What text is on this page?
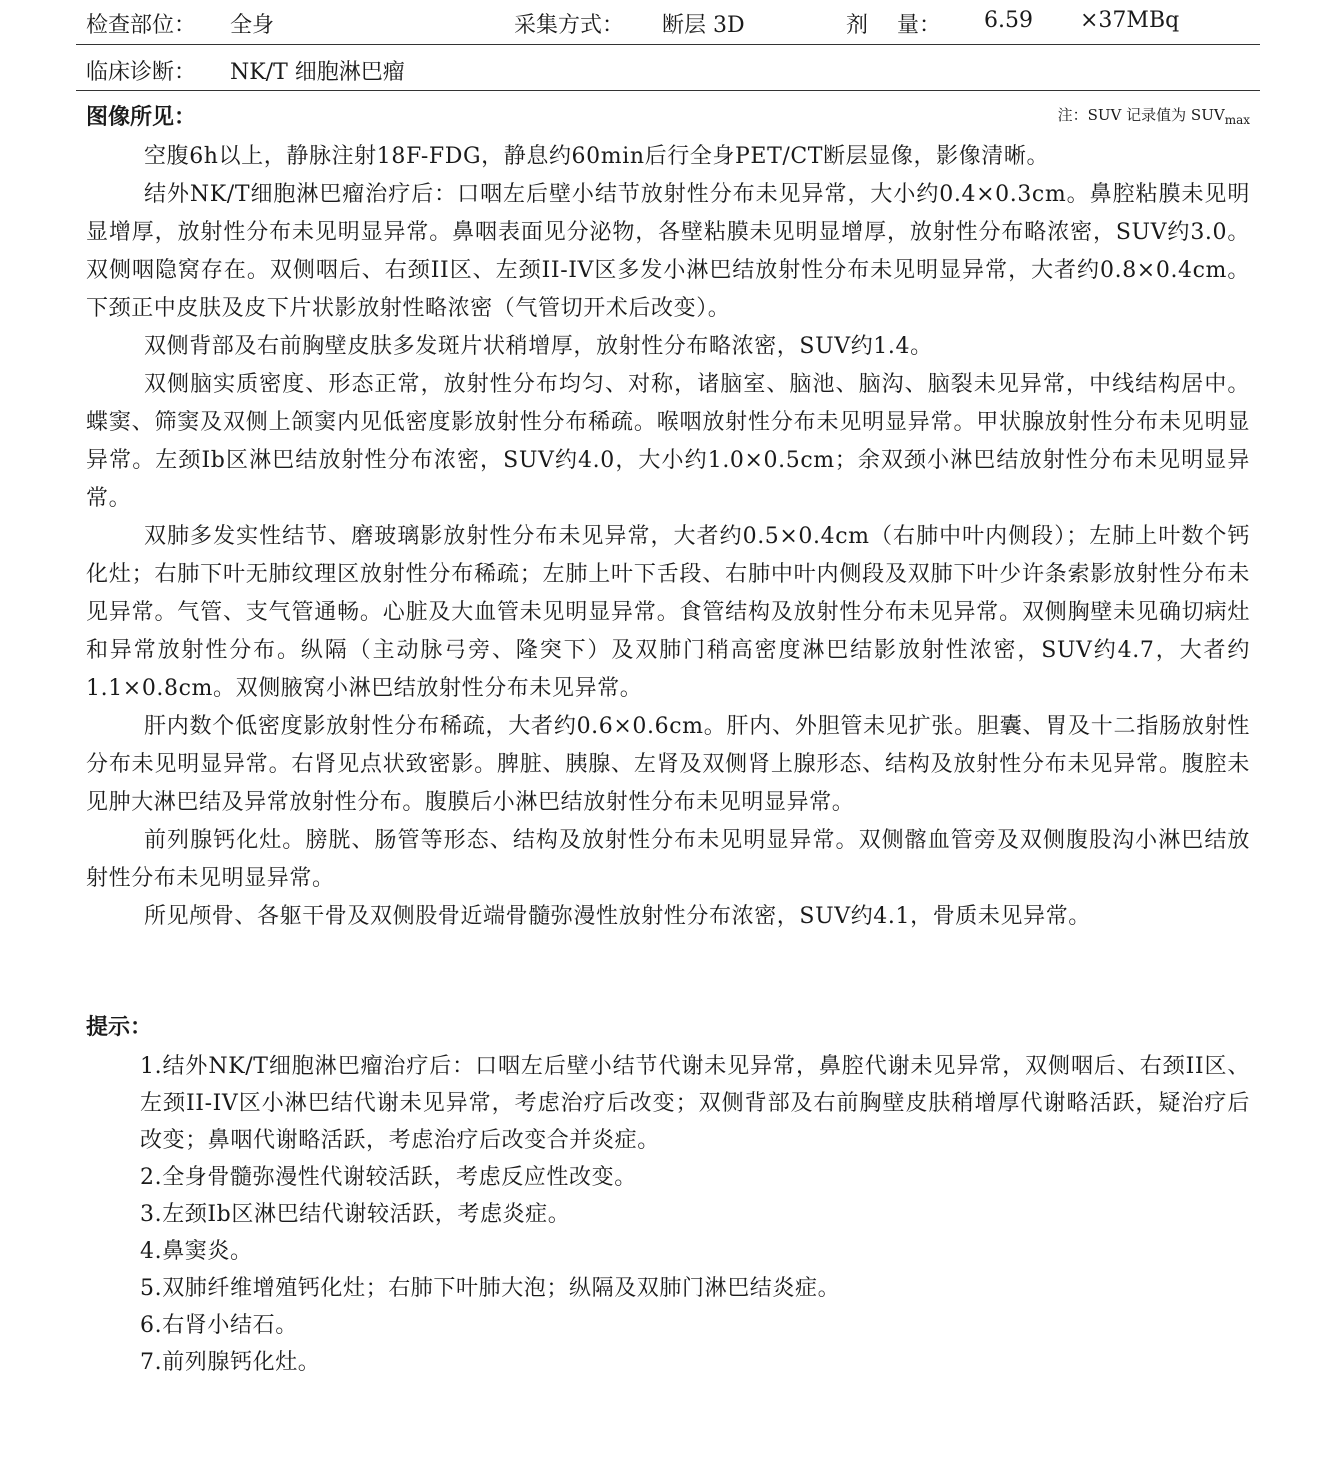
检查部位： 全身	采集方式： 断层 3D	剂　 量： 6.59 ×37MBq
临床诊断： NK/T 细胞淋巴瘤
图像所见：	注：SUV 记录值为 $SUV_{max}$

空腹6h以上，静脉注射18F-FDG，静息约60min后行全身PET/CT断层显像，影像清晰。

结外NK/T细胞淋巴瘤治疗后：口咽左后壁小结节放射性分布未见异常，大小约0.4×0.3cm。鼻腔粘膜未见明显增厚，放射性分布未见明显异常。鼻咽表面见分泌物，各壁粘膜未见明显增厚，放射性分布略浓密，SUV约3.0。双侧咽隐窝存在。双侧咽后、右颈II区、左颈II-IV区多发小淋巴结放射性分布未见明显异常，大者约0.8×0.4cm。下颈正中皮肤及皮下片状影放射性略浓密（气管切开术后改变）。

双侧背部及右前胸壁皮肤多发斑片状稍增厚，放射性分布略浓密，SUV约1.4。

双侧脑实质密度、形态正常，放射性分布均匀、对称，诸脑室、脑池、脑沟、脑裂未见异常，中线结构居中。蝶窦、筛窦及双侧上颌窦内见低密度影放射性分布稀疏。喉咽放射性分布未见明显异常。甲状腺放射性分布未见明显异常。左颈Ib区淋巴结放射性分布浓密，SUV约4.0，大小约1.0×0.5cm；余双颈小淋巴结放射性分布未见明显异常。

双肺多发实性结节、磨玻璃影放射性分布未见异常，大者约0.5×0.4cm（右肺中叶内侧段）；左肺上叶数个钙化灶；右肺下叶无肺纹理区放射性分布稀疏；左肺上叶下舌段、右肺中叶内侧段及双肺下叶少许条索影放射性分布未见异常。气管、支气管通畅。心脏及大血管未见明显异常。食管结构及放射性分布未见异常。双侧胸壁未见确切病灶和异常放射性分布。纵隔（主动脉弓旁、隆突下）及双肺门稍高密度淋巴结影放射性浓密，SUV约4.7，大者约1.1×0.8cm。双侧腋窝小淋巴结放射性分布未见异常。

肝内数个低密度影放射性分布稀疏，大者约0.6×0.6cm。肝内、外胆管未见扩张。胆囊、胃及十二指肠放射性分布未见明显异常。右肾见点状致密影。脾脏、胰腺、左肾及双侧肾上腺形态、结构及放射性分布未见异常。腹腔未见肿大淋巴结及异常放射性分布。腹膜后小淋巴结放射性分布未见明显异常。

前列腺钙化灶。膀胱、肠管等形态、结构及放射性分布未见明显异常。双侧髂血管旁及双侧腹股沟小淋巴结放射性分布未见明显异常。

所见颅骨、各躯干骨及双侧股骨近端骨髓弥漫性放射性分布浓密，SUV约4.1，骨质未见异常。

提示：

1.结外NK/T细胞淋巴瘤治疗后：口咽左后壁小结节代谢未见异常，鼻腔代谢未见异常，双侧咽后、右颈II区、左颈II-IV区小淋巴结代谢未见异常，考虑治疗后改变；双侧背部及右前胸壁皮肤稍增厚代谢略活跃，疑治疗后改变；鼻咽代谢略活跃，考虑治疗后改变合并炎症。

2.全身骨髓弥漫性代谢较活跃，考虑反应性改变。

3.左颈Ib区淋巴结代谢较活跃，考虑炎症。

4.鼻窦炎。

5.双肺纤维增殖钙化灶；右肺下叶肺大泡；纵隔及双肺门淋巴结炎症。

6.右肾小结石。

7.前列腺钙化灶。
